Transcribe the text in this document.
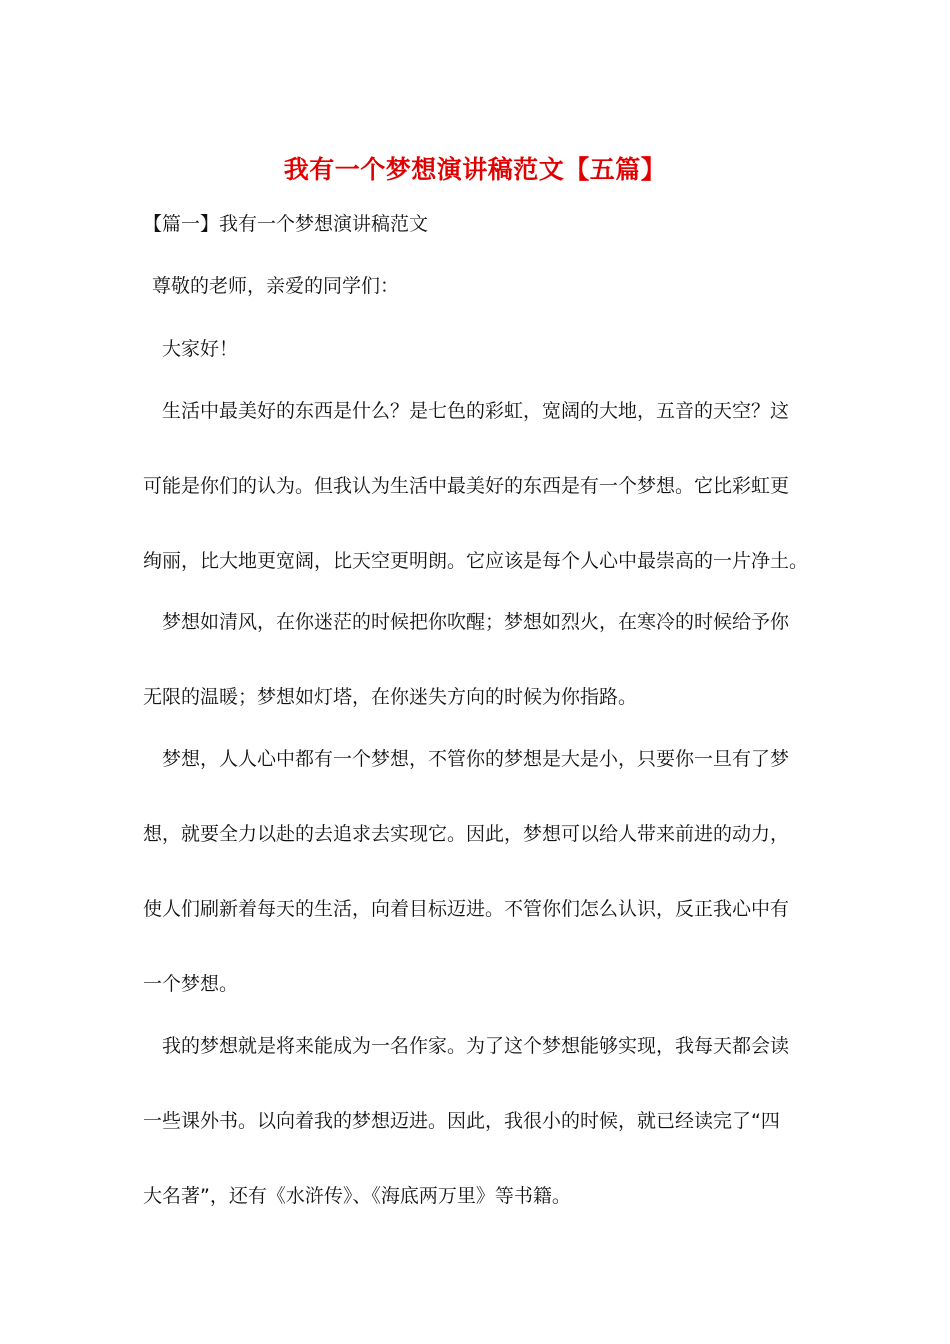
我有一个梦想演讲稿范文【五篇】
【篇一】我有一个梦想演讲稿范文
尊敬的老师，亲爱的同学们：
大家好！
生活中最美好的东西是什么？是七色的彩虹，宽阔的大地，五音的天空？这
可能是你们的认为。但我认为生活中最美好的东西是有一个梦想。它比彩虹更
绚丽，比大地更宽阔，比天空更明朗。它应该是每个人心中最崇高的一片净土。
梦想如清风，在你迷茫的时候把你吹醒；梦想如烈火，在寒冷的时候给予你
无限的温暖；梦想如灯塔，在你迷失方向的时候为你指路。
梦想，人人心中都有一个梦想，不管你的梦想是大是小，只要你一旦有了梦
想，就要全力以赴的去追求去实现它。因此，梦想可以给人带来前进的动力，
使人们刷新着每天的生活，向着目标迈进。不管你们怎么认识，反正我心中有
一个梦想。
我的梦想就是将来能成为一名作家。为了这个梦想能够实现，我每天都会读
一些课外书。以向着我的梦想迈进。因此，我很小的时候，就已经读完了“四
大名著”，还有《水浒传》、《海底两万里》等书籍。
